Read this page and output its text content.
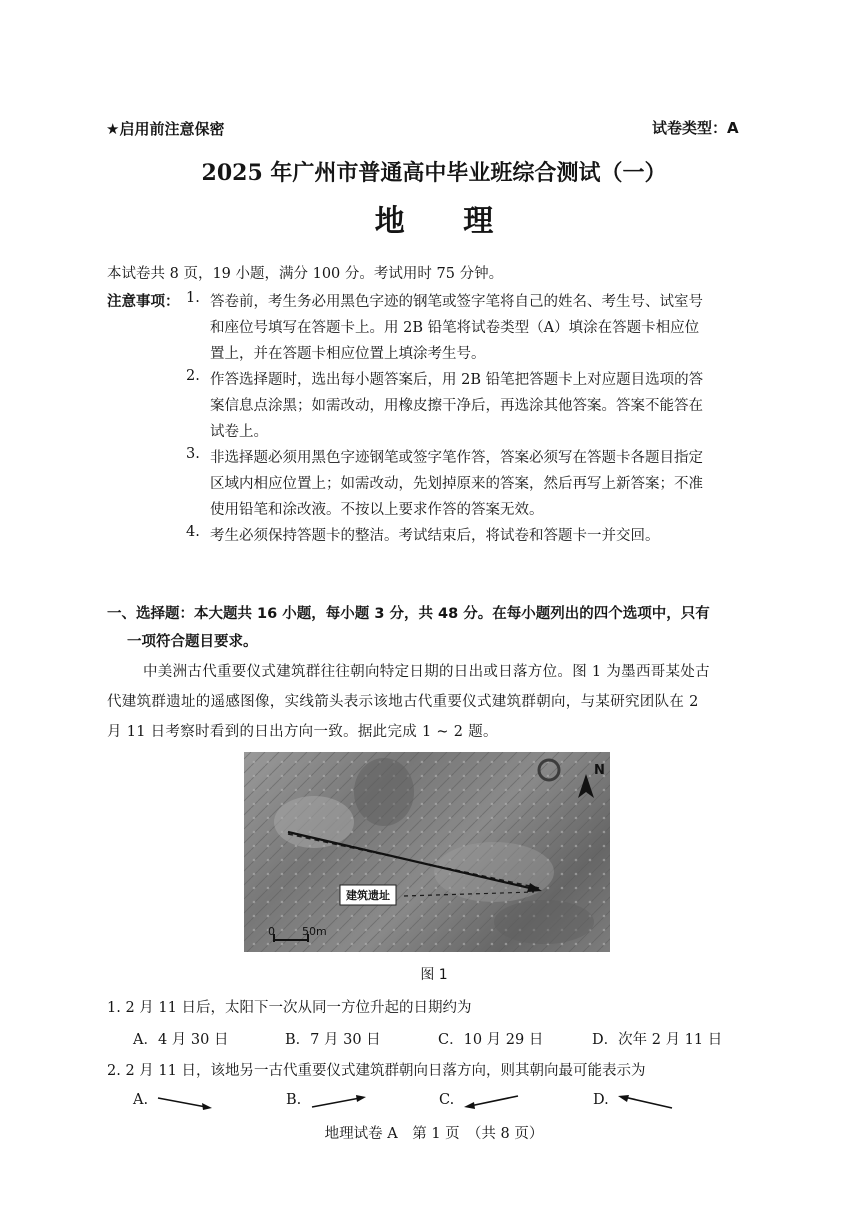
★启用前注意保密	试卷类型：A
2025 年广州市普通高中毕业班综合测试（一）
地 理
本试卷共 8 页，19 小题，满分 100 分。考试用时 75 分钟。
注意事项： 1. 答卷前，考生务必用黑色字迹的钢笔或签字笔将自己的姓名、考生号、试室号
和座位号填写在答题卡上。用 2B 铅笔将试卷类型（A）填涂在答题卡相应位
置上，并在答题卡相应位置上填涂考生号。
2. 作答选择题时，选出每小题答案后，用 2B 铅笔把答题卡上对应题目选项的答
案信息点涂黑；如需改动，用橡皮擦干净后，再选涂其他答案。答案不能答在
试卷上。
3. 非选择题必须用黑色字迹钢笔或签字笔作答，答案必须写在答题卡各题目指定
区域内相应位置上；如需改动，先划掉原来的答案，然后再写上新答案；不准
使用铅笔和涂改液。不按以上要求作答的答案无效。
4. 考生必须保持答题卡的整洁。考试结束后，将试卷和答题卡一并交回。
一、选择题：本大题共 16 小题，每小题 3 分，共 48 分。在每小题列出的四个选项中，只有
一项符合题目要求。
中美洲古代重要仪式建筑群往往朝向特定日期的日出或日落方位。图 1 为墨西哥某处古
代建筑群遗址的遥感图像，实线箭头表示该地古代重要仪式建筑群朝向，与某研究团队在 2
月 11 日考察时看到的日出方向一致。据此完成 1 ~ 2 题。
N
建筑遗址
0 50m
图 1
1. 2 月 11 日后，太阳下一次从同一方位升起的日期约为
A．4 月 30 日	B．7 月 30 日	C．10 月 29 日	D．次年 2 月 11 日
2. 2 月 11 日，该地另一古代重要仪式建筑群朝向日落方向，则其朝向最可能表示为
A.	B.	C.	D.
地理试卷 A　第 1 页　（共 8 页）
